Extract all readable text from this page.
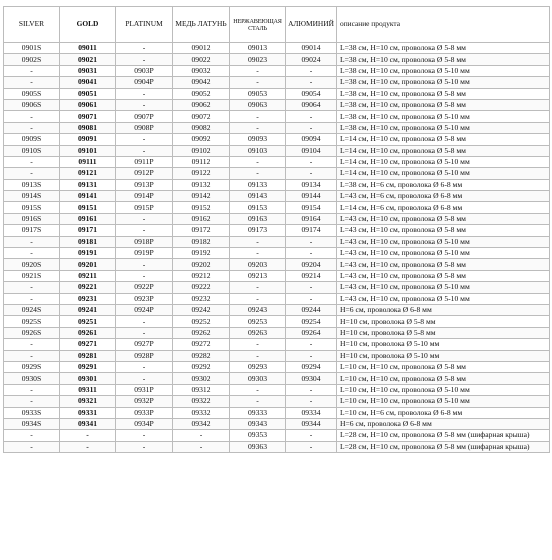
SILVER	GOLD	PLATINUM	МЕДЬ ЛАТУНЬ	НЕРЖАВЕЮЩАЯ СТАЛЬ	АЛЮМИНИЙ	описание продукта
0901S	09011	-	09012	09013	09014	L=38 см, H=10 см, проволока Ø 5-8 мм
0902S	09021	-	09022	09023	09024	L=38 см, H=10 см, проволока Ø 5-8 мм
-	09031	0903P	09032	-	-	L=38 см, H=10 см, проволока Ø 5-10 мм
-	09041	0904P	09042	-	-	L=38 см, H=10 см, проволока Ø 5-10 мм
0905S	09051	-	09052	09053	09054	L=38 см, H=10 см, проволока Ø 5-8 мм
0906S	09061	-	09062	09063	09064	L=38 см, H=10 см, проволока Ø 5-8 мм
-	09071	0907P	09072	-	-	L=38 см, H=10 см, проволока Ø 5-10 мм
-	09081	0908P	09082	-	-	L=38 см, H=10 см, проволока Ø 5-10 мм
0909S	09091	-	09092	09093	09094	L=14 см, H=10 см, проволока Ø 5-8 мм
0910S	09101	-	09102	09103	09104	L=14 см, H=10 см, проволока Ø 5-8 мм
-	09111	0911P	09112	-	-	L=14 см, H=10 см, проволока Ø 5-10 мм
-	09121	0912P	09122	-	-	L=14 см, H=10 см, проволока Ø 5-10 мм
0913S	09131	0913P	09132	09133	09134	L=38 см, H=6 см, проволока Ø 6-8 мм
0914S	09141	0914P	09142	09143	09144	L=43 см, H=6 см, проволока Ø 6-8 мм
0915S	09151	0915P	09152	09153	09154	L=14 см, H=6 см, проволока Ø 6-8 мм
0916S	09161	-	09162	09163	09164	L=43 см, H=10 см, проволока Ø 5-8 мм
0917S	09171	-	09172	09173	09174	L=43 см, H=10 см, проволока Ø 5-8 мм
-	09181	0918P	09182	-	-	L=43 см, H=10 см, проволока Ø 5-10 мм
-	09191	0919P	09192	-	-	L=43 см, H=10 см, проволока Ø 5-10 мм
0920S	09201	-	09202	09203	09204	L=43 см, H=10 см, проволока Ø 5-8 мм
0921S	09211	-	09212	09213	09214	L=43 см, H=10 см, проволока Ø 5-8 мм
-	09221	0922P	09222	-	-	L=43 см, H=10 см, проволока Ø 5-10 мм
-	09231	0923P	09232	-	-	L=43 см, H=10 см, проволока Ø 5-10 мм
0924S	09241	0924P	09242	09243	09244	H=6 см, проволока Ø 6-8 мм
0925S	09251	-	09252	09253	09254	H=10 см, проволока Ø 5-8 мм
0926S	09261	-	09262	09263	09264	H=10 см, проволока Ø 5-8 мм
-	09271	0927P	09272	-	-	H=10 см, проволока Ø 5-10 мм
-	09281	0928P	09282	-	-	H=10 см, проволока Ø 5-10 мм
0929S	09291	-	09292	09293	09294	L=10 см, H=10 см, проволока Ø 5-8 мм
0930S	09301	-	09302	09303	09304	L=10 см, H=10 см, проволока Ø 5-8 мм
-	09311	0931P	09312	-	-	L=10 см, H=10 см, проволока Ø 5-10 мм
-	09321	0932P	09322	-	-	L=10 см, H=10 см, проволока Ø 5-10 мм
0933S	09331	0933P	09332	09333	09334	L=10 см, H=6 см, проволока Ø 6-8 мм
0934S	09341	0934P	09342	09343	09344	H=6 см, проволока Ø 6-8 мм
-	-	-	-	09353	-	L=28 см, H=10 см, проволока Ø 5-8 мм (шифарная крыша)
-	-	-	-	09363	-	L=28 см, H=10 см, проволока Ø 5-8 мм (шифарная крыша)
